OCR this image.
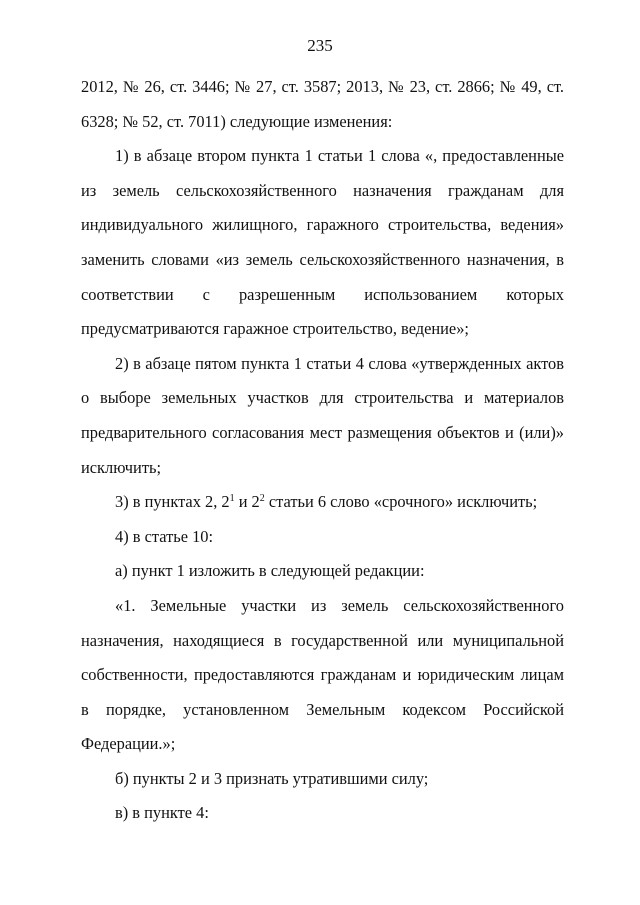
235

2012, № 26, ст. 3446; № 27, ст. 3587; 2013, № 23, ст. 2866; № 49, ст. 6328; № 52, ст. 7011) следующие изменения:

1) в абзаце втором пункта 1 статьи 1 слова «, предоставленные из земель сельскохозяйственного назначения гражданам для индивидуального жилищного, гаражного строительства, ведения» заменить словами «из земель сельскохозяйственного назначения, в соответствии с разрешенным использованием которых предусматриваются гаражное строительство, ведение»;

2) в абзаце пятом пункта 1 статьи 4 слова «утвержденных актов о выборе земельных участков для строительства и материалов предварительного согласования мест размещения объектов и (или)» исключить;

3) в пунктах 2, $2^1$ и $2^2$ статьи 6 слово «срочного» исключить;

4) в статье 10:

а) пункт 1 изложить в следующей редакции:

«1. Земельные участки из земель сельскохозяйственного назначения, находящиеся в государственной или муниципальной собственности, предоставляются гражданам и юридическим лицам в порядке, установленном Земельным кодексом Российской Федерации.»;

б) пункты 2 и 3 признать утратившими силу;

в) в пункте 4:
